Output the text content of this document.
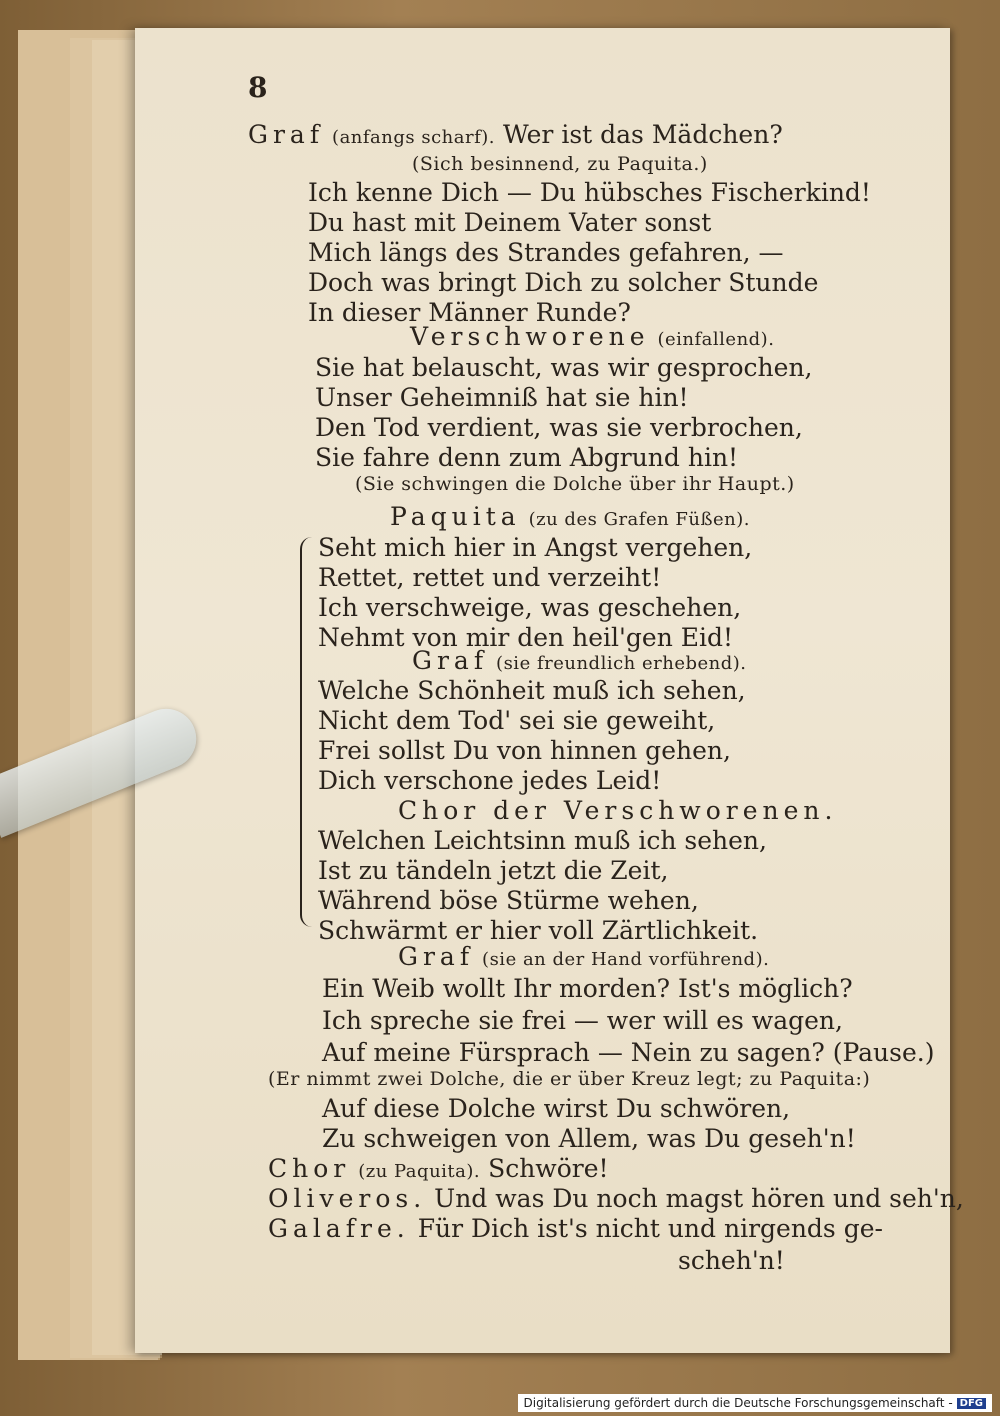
8
Graf (anfangs scharf). Wer ist das Mädchen?
(Sich besinnend, zu Paquita.)
Ich kenne Dich — Du hübsches Fischerkind!
Du hast mit Deinem Vater sonst
Mich längs des Strandes gefahren, —
Doch was bringt Dich zu solcher Stunde
In dieser Männer Runde?
Verschworene (einfallend).
Sie hat belauscht, was wir gesprochen,
Unser Geheimniß hat sie hin!
Den Tod verdient, was sie verbrochen,
Sie fahre denn zum Abgrund hin!
(Sie schwingen die Dolche über ihr Haupt.)
Paquita (zu des Grafen Füßen).
Seht mich hier in Angst vergehen,
Rettet, rettet und verzeiht!
Ich verschweige, was geschehen,
Nehmt von mir den heil'gen Eid!
Graf (sie freundlich erhebend).
Welche Schönheit muß ich sehen,
Nicht dem Tod' sei sie geweiht,
Frei sollst Du von hinnen gehen,
Dich verschone jedes Leid!
Chor der Verschworenen.
Welchen Leichtsinn muß ich sehen,
Ist zu tändeln jetzt die Zeit,
Während böse Stürme wehen,
Schwärmt er hier voll Zärtlichkeit.
Graf (sie an der Hand vorführend).
Ein Weib wollt Ihr morden? Ist's möglich?
Ich spreche sie frei — wer will es wagen,
Auf meine Fürsprach — Nein zu sagen? (Pause.)
(Er nimmt zwei Dolche, die er über Kreuz legt; zu Paquita:)
Auf diese Dolche wirst Du schwören,
Zu schweigen von Allem, was Du geseh'n!
Chor (zu Paquita). Schwöre!
Oliveros. Und was Du noch magst hören und seh'n,
Galafre. Für Dich ist's nicht und nirgends ge-
scheh'n!
Digitalisierung gefördert durch die Deutsche Forschungsgemeinschaft - DFG
